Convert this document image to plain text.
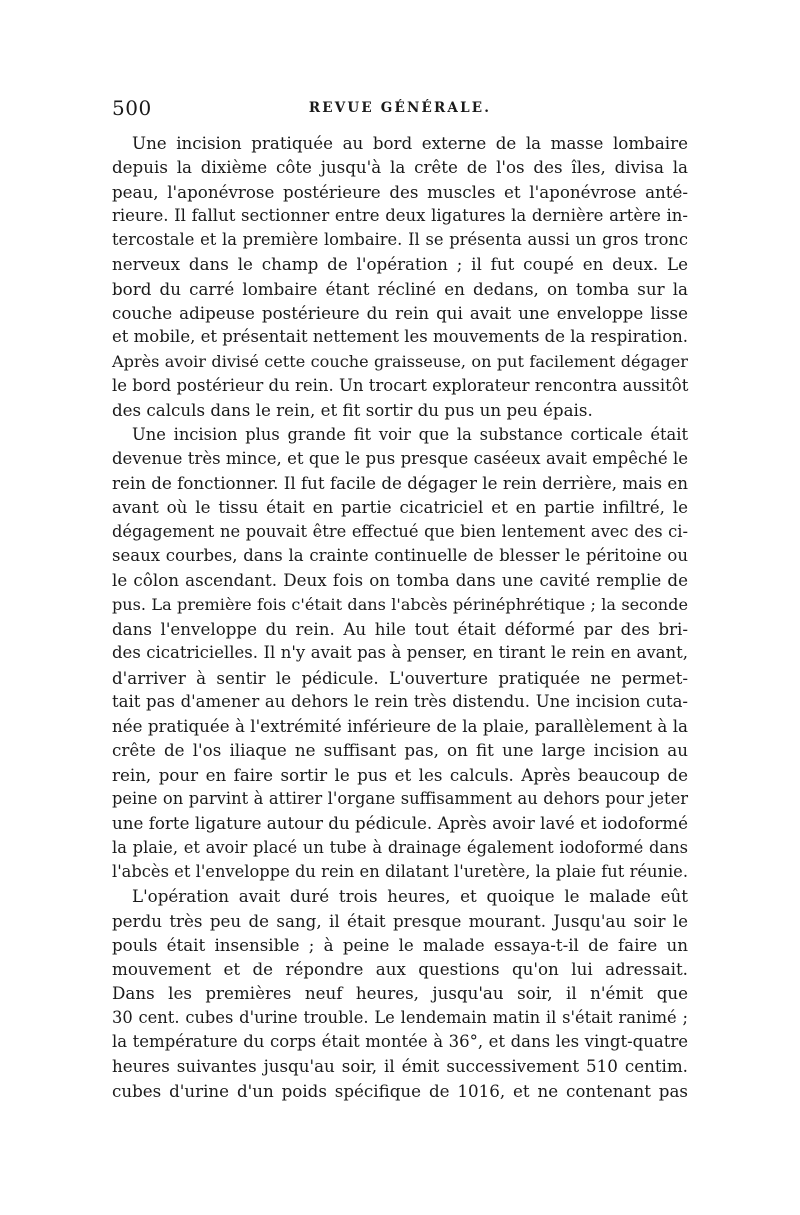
500	REVUE GÉNÉRALE.
Une incision pratiquée au bord externe de la masse lombaire
depuis la dixième côte jusqu'à la crête de l'os des îles, divisa la
peau, l'aponévrose postérieure des muscles et l'aponévrose anté-
rieure. Il fallut sectionner entre deux ligatures la dernière artère in-
tercostale et la première lombaire. Il se présenta aussi un gros tronc
nerveux dans le champ de l'opération ; il fut coupé en deux. Le
bord du carré lombaire étant récliné en dedans, on tomba sur la
couche adipeuse postérieure du rein qui avait une enveloppe lisse
et mobile, et présentait nettement les mouvements de la respiration.
Après avoir divisé cette couche graisseuse, on put facilement dégager
le bord postérieur du rein. Un trocart explorateur rencontra aussitôt
des calculs dans le rein, et fit sortir du pus un peu épais.
Une incision plus grande fit voir que la substance corticale était
devenue très mince, et que le pus presque caséeux avait empêché le
rein de fonctionner. Il fut facile de dégager le rein derrière, mais en
avant où le tissu était en partie cicatriciel et en partie infiltré, le
dégagement ne pouvait être effectué que bien lentement avec des ci-
seaux courbes, dans la crainte continuelle de blesser le péritoine ou
le côlon ascendant. Deux fois on tomba dans une cavité remplie de
pus. La première fois c'était dans l'abcès périnéphrétique ; la seconde
dans l'enveloppe du rein. Au hile tout était déformé par des bri-
des cicatricielles. Il n'y avait pas à penser, en tirant le rein en avant,
d'arriver à sentir le pédicule. L'ouverture pratiquée ne permet-
tait pas d'amener au dehors le rein très distendu. Une incision cuta-
née pratiquée à l'extrémité inférieure de la plaie, parallèlement à la
crête de l'os iliaque ne suffisant pas, on fit une large incision au
rein, pour en faire sortir le pus et les calculs. Après beaucoup de
peine on parvint à attirer l'organe suffisamment au dehors pour jeter
une forte ligature autour du pédicule. Après avoir lavé et iodoformé
la plaie, et avoir placé un tube à drainage également iodoformé dans
l'abcès et l'enveloppe du rein en dilatant l'uretère, la plaie fut réunie.
L'opération avait duré trois heures, et quoique le malade eût
perdu très peu de sang, il était presque mourant. Jusqu'au soir le
pouls était insensible ; à peine le malade essaya-t-il de faire un
mouvement et de répondre aux questions qu'on lui adressait.
Dans les premières neuf heures, jusqu'au soir, il n'émit que
30 cent. cubes d'urine trouble. Le lendemain matin il s'était ranimé ;
la température du corps était montée à 36°, et dans les vingt-quatre
heures suivantes jusqu'au soir, il émit successivement 510 centim.
cubes d'urine d'un poids spécifique de 1016, et ne contenant pas
